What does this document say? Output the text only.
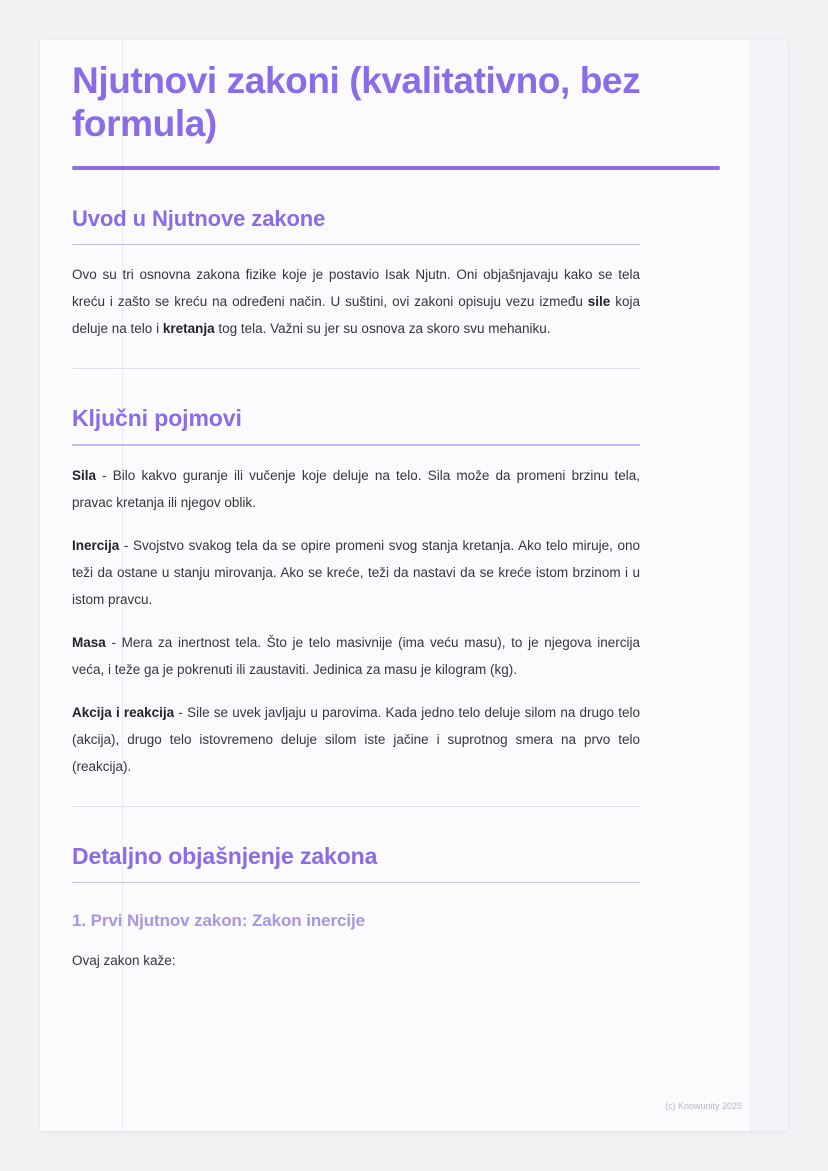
Njutnovi zakoni (kvalitativno, bez formula)
Uvod u Njutnove zakone

Ovo su tri osnovna zakona fizike koje je postavio Isak Njutn. Oni objašnjavaju kako se tela kreću i zašto se kreću na određeni način. U suštini, ovi zakoni opisuju vezu između sile koja deluje na telo i kretanja tog tela. Važni su jer su osnova za skoro svu mehaniku.

Ključni pojmovi

Sila - Bilo kakvo guranje ili vučenje koje deluje na telo. Sila može da promeni brzinu tela, pravac kretanja ili njegov oblik.

Inercija - Svojstvo svakog tela da se opire promeni svog stanja kretanja. Ako telo miruje, ono teži da ostane u stanju mirovanja. Ako se kreće, teži da nastavi da se kreće istom brzinom i u istom pravcu.

Masa - Mera za inertnost tela. Što je telo masivnije (ima veću masu), to je njegova inercija veća, i teže ga je pokrenuti ili zaustaviti. Jedinica za masu je kilogram (kg).

Akcija i reakcija - Sile se uvek javljaju u parovima. Kada jedno telo deluje silom na drugo telo (akcija), drugo telo istovremeno deluje silom iste jačine i suprotnog smera na prvo telo (reakcija).

Detaljno objašnjenje zakona
1. Prvi Njutnov zakon: Zakon inercije

Ovaj zakon kaže:

(c) Knowunity 2025
